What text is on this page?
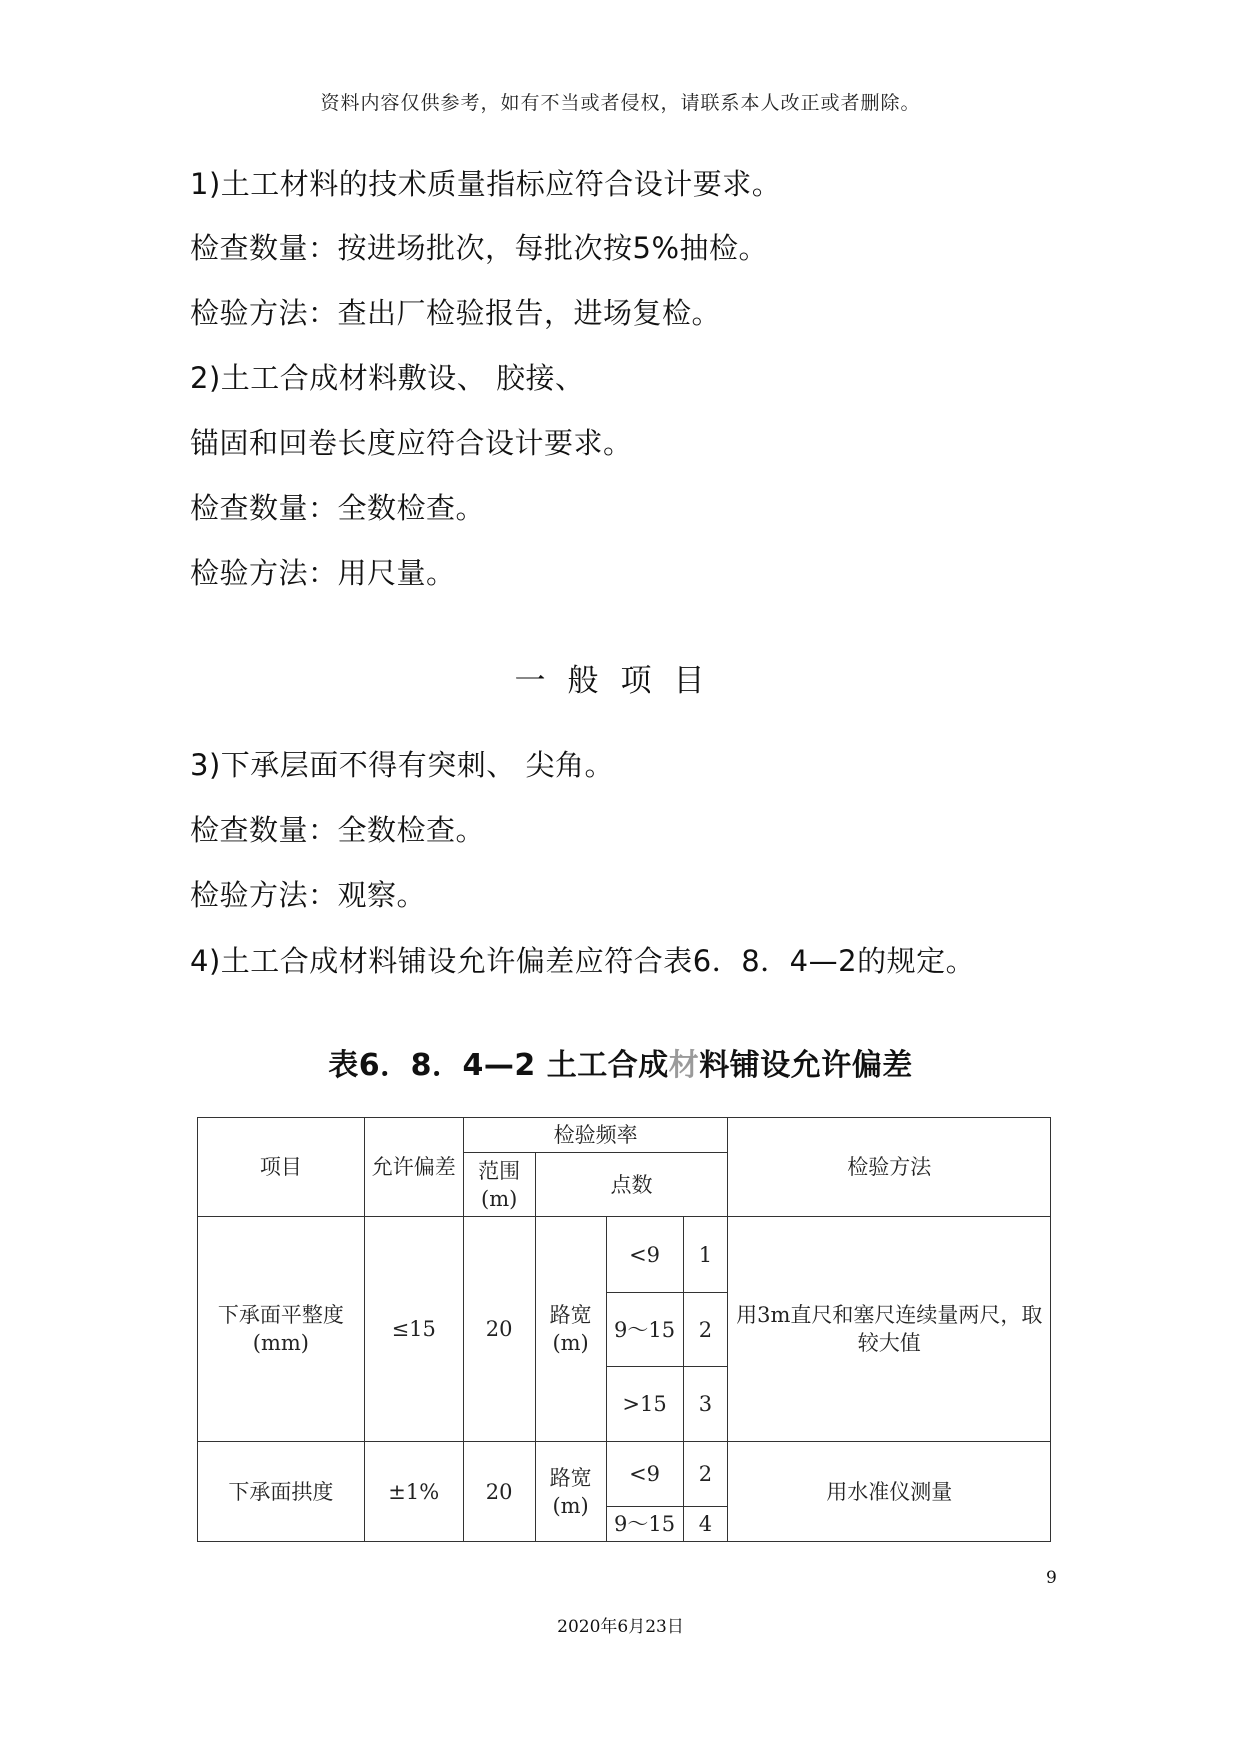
资料内容仅供参考，如有不当或者侵权，请联系本人改正或者删除。
1)土工材料的技术质量指标应符合设计要求。
检查数量：按进场批次，每批次按5%抽检。
检验方法：查出厂检验报告，进场复检。
2)土工合成材料敷设、 胶接、
锚固和回卷长度应符合设计要求。
检查数量：全数检查。
检验方法：用尺量。
一般项目
3)下承层面不得有突刺、 尖角。
检查数量：全数检查。
检验方法：观察。
4)土工合成材料铺设允许偏差应符合表6．8．4—2的规定。
表6．8．4—2 土工合成材料铺设允许偏差
项目	允许偏差	检验频率				检验方法
		范围(m)	点数			
下承面平整度(mm)	≤15	20	路宽(m)	<9	1	用3m直尺和塞尺连续量两尺，取较大值
				9～15	2	
				>15	3	
下承面拱度	±1%	20	路宽(m)	<9	2	用水准仪测量
				9～15	4	
9
2020年6月23日
